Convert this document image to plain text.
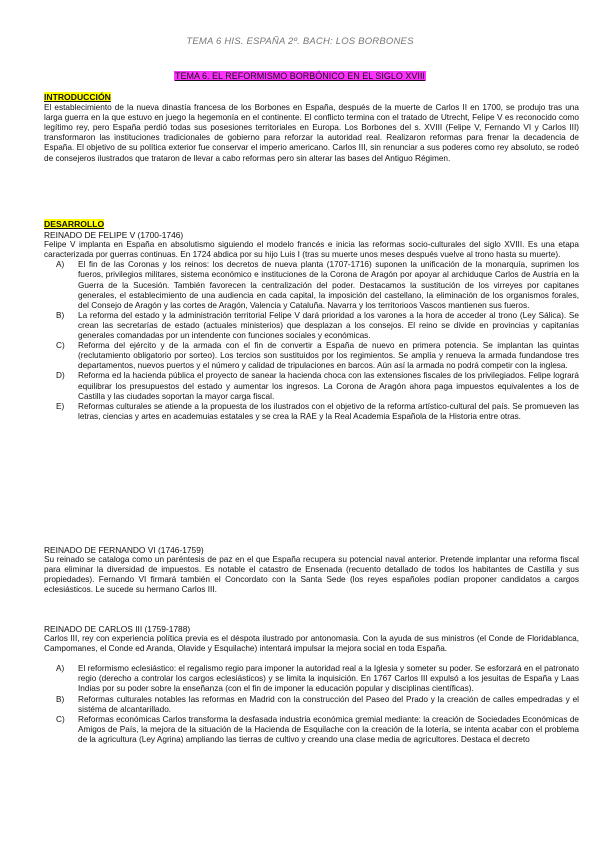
TEMA 6 HIS. ESPAÑA 2º. BACH: LOS BORBONES
TEMA 6. EL REFORMISMO BORBÓNICO EN EL SIGLO XVIII
INTRODUCCIÓN

El establecimiento de la nueva dinastía francesa de los Borbones en España, después de la muerte de Carlos II en 1700, se produjo tras una larga guerra en la que estuvo en juego la hegemonía en el continente. El conflicto termina con el tratado de Utrecht, Felipe V es reconocido como legítimo rey, pero España perdió todas sus posesiones territoriales en Europa. Los Borbones del s. XVIII (Felipe V, Fernando VI y Carlos III) transformaron las instituciones tradicionales de gobierno para reforzar la autoridad real. Realizaron reformas para frenar la decadencia de España. El objetivo de su política exterior fue conservar el imperio americano. Carlos III, sin renunciar a sus poderes como rey absoluto, se rodeó de consejeros ilustrados que trataron de llevar a cabo reformas pero sin alterar las bases del Antiguo Régimen.

DESARROLLO
REINADO DE FELIPE V (1700-1746)

Felipe V implanta en España en absolutismo siguiendo el modelo francés e inicia las reformas socio-culturales del siglo XVIII. Es una etapa caracterizada por guerras continuas. En 1724 abdica por su hijo Luis I (tras su muerte unos meses después vuelve al trono hasta su muerte).

A)	El fin de las Coronas y los reinos: los decretos de nueva planta (1707-1716) suponen la unificación de la monarquía, suprimen los fueros, privilegios militares, sistema económico e instituciones de la Corona de Aragón por apoyar al archiduque Carlos de Austria en la Guerra de la Sucesión. También favorecen la centralización del poder. Destacamos la sustitución de los virreyes por capitanes generales, el establecimiento de una audiencia en cada capital, la imposición del castellano, la eliminación de los organismos forales, del Consejo de Aragón y las cortes de Aragón, Valencia y Cataluña. Navarra y los territorioos Vascos mantienen sus fueros.
B)	La reforma del estado y la administración territorial Felipe V dará prioridad a los varones a la hora de acceder al trono (Ley Sálica). Se crean las secretarías de estado (actuales ministerios) que desplazan a los consejos. El reino se divide en provincias y capitanías generales comandadas por un intendente con funciones sociales y económicas.
C)	Reforma del ejército y de la armada con el fin de convertir a España de nuevo en primera potencia. Se implantan las quintas (reclutamiento obligatorio por sorteo). Los tercios son sustituidos por los regimientos. Se amplía y renueva la armada fundandose tres departamentos, nuevos puertos y el número y calidad de tripulaciones en barcos. Aún así la armada no podrá competir con la inglesa.
D)	Reforma ed la hacienda pública el proyecto de sanear la hacienda choca con las extensiones fiscales de los privilegiados. Felipe logrará equilibrar los presupuestos del estado y aumentar los ingresos. La Corona de Aragón ahora paga impuestos equivalentes a los de Castilla y las ciudades soportan la mayor carga fiscal.
E)	Reformas culturales se atiende a la propuesta de los ilustrados con el objetivo de la reforma artístico-cultural del país. Se promueven las letras, ciencias y artes en academuias estatales y se crea la RAE y la Real Academia Española de la Historia entre otras.
REINADO DE FERNANDO VI (1746-1759)

Su reinado se cataloga como un paréntesis de paz en el que España recupera su potencial naval anterior. Pretende implantar una reforma fiscal para eliminar la diversidad de impuestos. Es notable el catastro de Ensenada (recuento detallado de todos los habitantes de Castilla y sus propiedades). Fernando VI firmará también el Concordato con la Santa Sede (los reyes españoles podían proponer candidatos a cargos eclesiásticos. Le sucede su hermano Carlos III.

REINADO DE CARLOS III (1759-1788)

Carlos III, rey con experiencia política previa es el déspota ilustrado por antonomasia. Con la ayuda de sus ministros (el Conde de Floridablanca, Campomanes, el Conde ed Aranda, Olavide y Esquilache) intentará impulsar la mejora social en toda España.

A)	El reformismo eclesiástico: el regalismo regio para imponer la autoridad real a la Iglesia y someter su poder. Se esforzará en el patronato regio (derecho a controlar los cargos eclesiásticos) y se limita la inquisición. En 1767 Carlos III expulsó a los jesuitas de España y Laas Indias por su poder sobre la enseñanza (con el fin de imponer la educación popular y disciplinas científicas).
B)	Reformas culturales notables las reformas en Madrid con la construcción del Paseo del Prado y la creación de calles empedradas y el sistéma de alcantarillado.
C)	Reformas económicas Carlos transforma la desfasada industria económica gremial mediante: la creación de Sociedades Económicas de Amigos de País, la mejora de la situación de la Hacienda de Esquilache con la creación de la lotería, se intenta acabar con el problema de la agricultura (Ley Agrina) ampliando las tierras de cultivo y creando una clase media de agricultores. Destaca el decreto
